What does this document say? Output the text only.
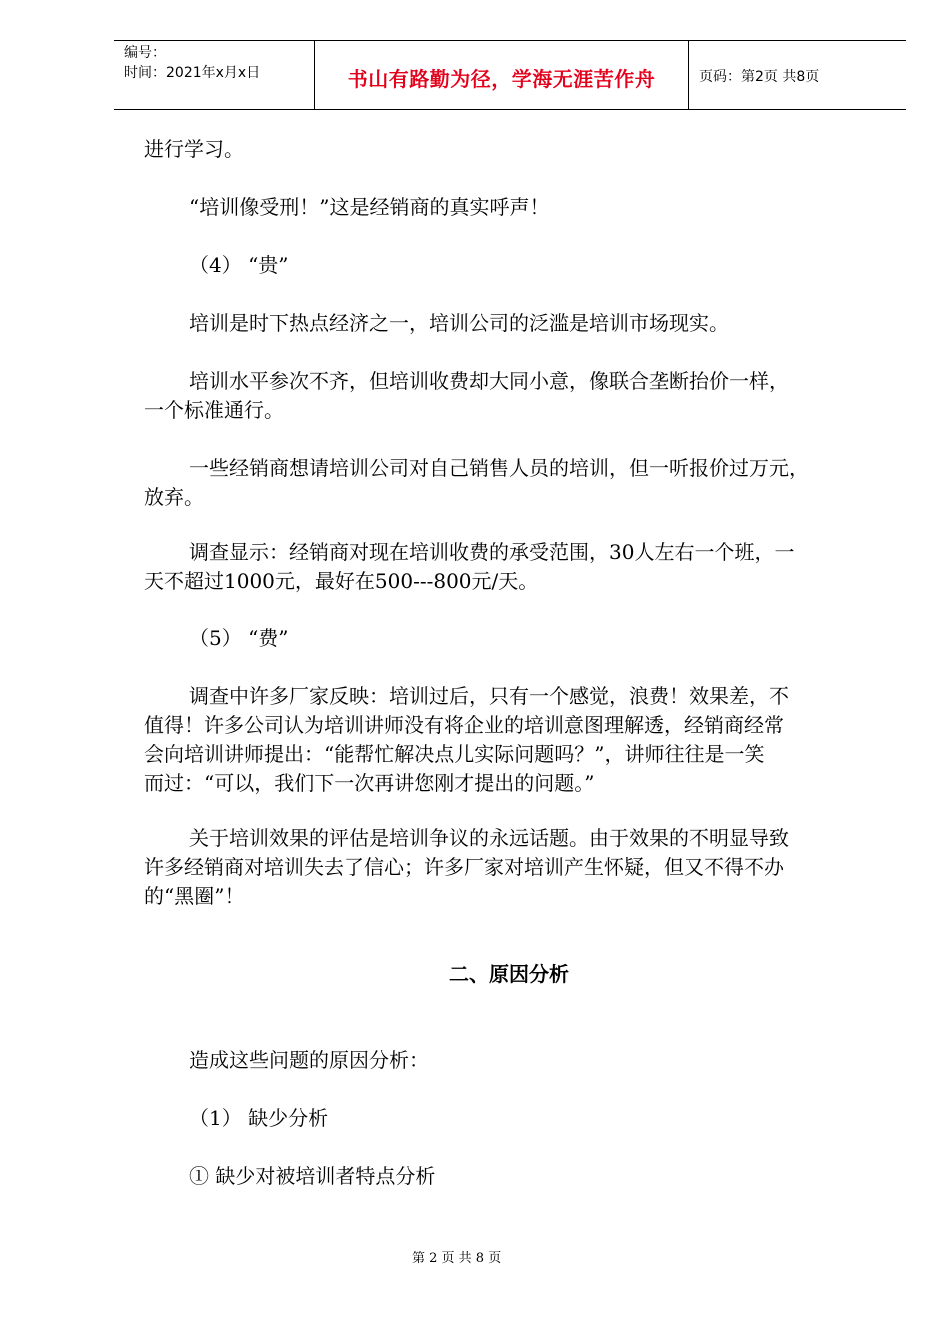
编号：
时间：2021年x月x日	书山有路勤为径，学海无涯苦作舟	页码：第2页 共8页
进行学习。
“培训像受刑！”这是经销商的真实呼声！
（4） “贵”
培训是时下热点经济之一，培训公司的泛滥是培训市场现实。
培训水平参次不齐，但培训收费却大同小意，像联合垄断抬价一样，
一个标准通行。
一些经销商想请培训公司对自己销售人员的培训，但一听报价过万元，
放弃。
调查显示：经销商对现在培训收费的承受范围，30人左右一个班，一
天不超过1000元，最好在500---800元/天。
（5） “费”
调查中许多厂家反映：培训过后，只有一个感觉，浪费！效果差，不
值得！许多公司认为培训讲师没有将企业的培训意图理解透，经销商经常
会向培训讲师提出：“能帮忙解决点儿实际问题吗？”，讲师往往是一笑
而过：“可以，我们下一次再讲您刚才提出的问题。”
关于培训效果的评估是培训争议的永远话题。由于效果的不明显导致
许多经销商对培训失去了信心；许多厂家对培训产生怀疑，但又不得不办
的“黑圈”！
二、原因分析
造成这些问题的原因分析：
（1） 缺少分析
① 缺少对被培训者特点分析
第 2 页 共 8 页
